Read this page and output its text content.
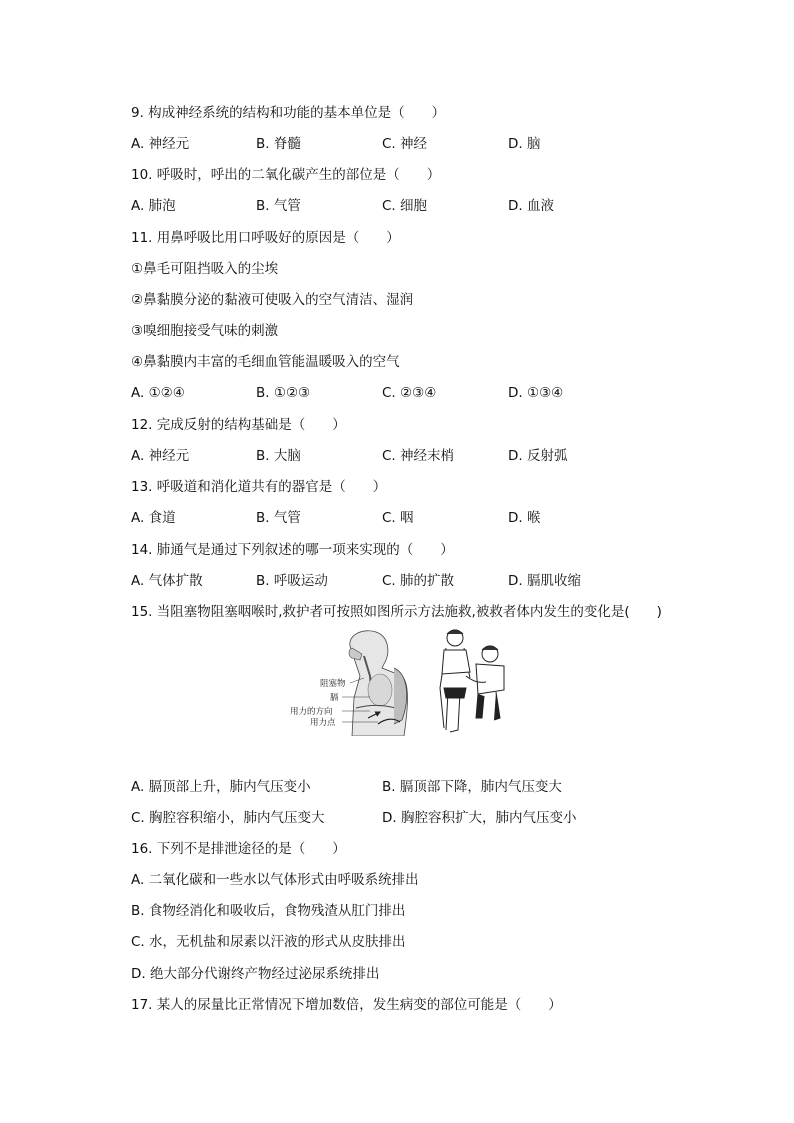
9. 构成神经系统的结构和功能的基本单位是（　　）
A. 神经元	B. 脊髓	C. 神经	D. 脑
10. 呼吸时，呼出的二氧化碳产生的部位是（　　）
A. 肺泡	B. 气管	C. 细胞	D. 血液
11. 用鼻呼吸比用口呼吸好的原因是（　　）
①鼻毛可阻挡吸入的尘埃
②鼻黏膜分泌的黏液可使吸入的空气清洁、湿润
③嗅细胞接受气味的刺激
④鼻黏膜内丰富的毛细血管能温暖吸入的空气
A. ①②④	B. ①②③	C. ②③④	D. ①③④
12. 完成反射的结构基础是（　　）
A. 神经元	B. 大脑	C. 神经末梢	D. 反射弧
13. 呼吸道和消化道共有的器官是（　　）
A. 食道	B. 气管	C. 咽	D. 喉
14. 肺通气是通过下列叙述的哪一项来实现的（　　）
A. 气体扩散	B. 呼吸运动	C. 肺的扩散	D. 膈肌收缩
15. 当阻塞物阻塞咽喉时,救护者可按照如图所示方法施救,被救者体内发生的变化是(　　)
阻塞物
膈
用力的方向
用力点
A. 膈顶部上升，肺内气压变小	B. 膈顶部下降，肺内气压变大
C. 胸腔容积缩小，肺内气压变大	D. 胸腔容积扩大，肺内气压变小
16. 下列不是排泄途径的是（　　）
A. 二氧化碳和一些水以气体形式由呼吸系统排出
B. 食物经消化和吸收后，食物残渣从肛门排出
C. 水，无机盐和尿素以汗液的形式从皮肤排出
D. 绝大部分代谢终产物经过泌尿系统排出
17. 某人的尿量比正常情况下增加数倍，发生病变的部位可能是（　　）
